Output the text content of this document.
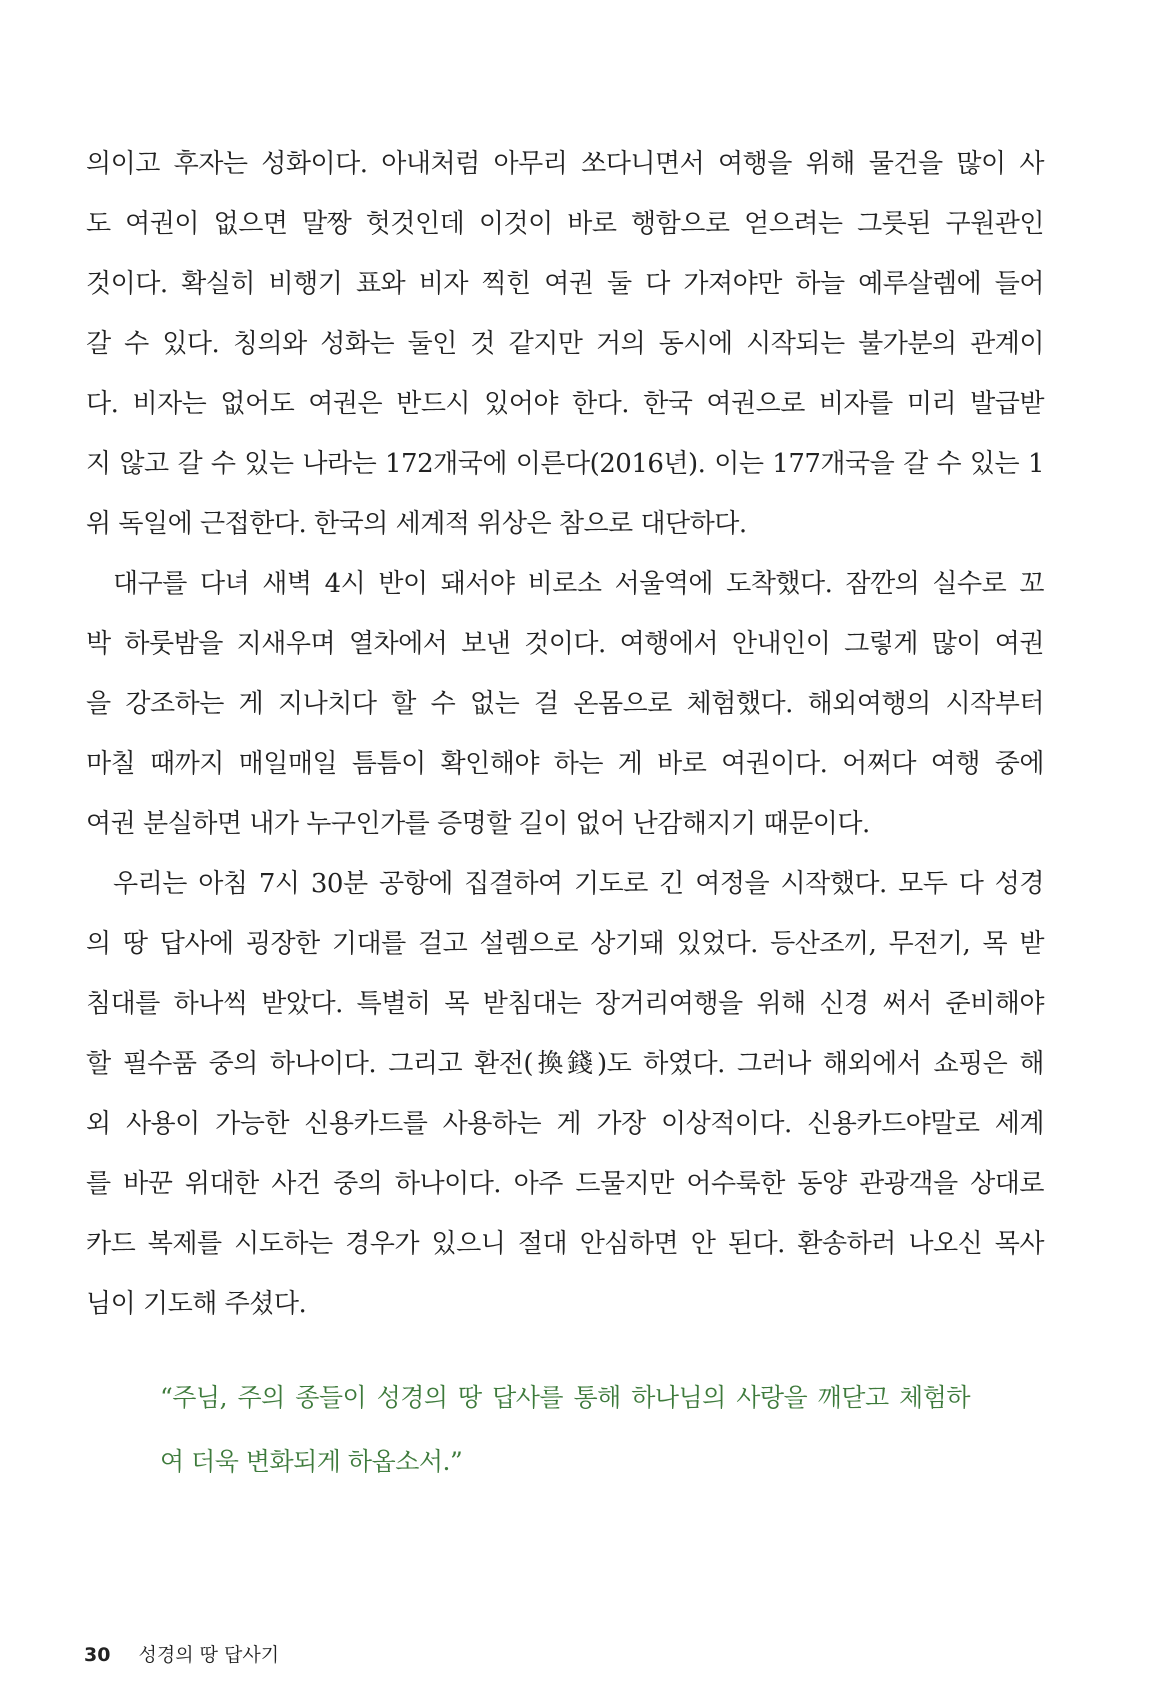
의이고 후자는 성화이다. 아내처럼 아무리 쏘다니면서 여행을 위해 물건을 많이 사
도 여권이 없으면 말짱 헛것인데 이것이 바로 행함으로 얻으려는 그릇된 구원관인
것이다. 확실히 비행기 표와 비자 찍힌 여권 둘 다 가져야만 하늘 예루살렘에 들어
갈 수 있다. 칭의와 성화는 둘인 것 같지만 거의 동시에 시작되는 불가분의 관계이
다. 비자는 없어도 여권은 반드시 있어야 한다. 한국 여권으로 비자를 미리 발급받
지 않고 갈 수 있는 나라는 172개국에 이른다(2016년). 이는 177개국을 갈 수 있는 1
위 독일에 근접한다. 한국의 세계적 위상은 참으로 대단하다.
대구를 다녀 새벽 4시 반이 돼서야 비로소 서울역에 도착했다. 잠깐의 실수로 꼬
박 하룻밤을 지새우며 열차에서 보낸 것이다. 여행에서 안내인이 그렇게 많이 여권
을 강조하는 게 지나치다 할 수 없는 걸 온몸으로 체험했다. 해외여행의 시작부터
마칠 때까지 매일매일 틈틈이 확인해야 하는 게 바로 여권이다. 어쩌다 여행 중에
여권 분실하면 내가 누구인가를 증명할 길이 없어 난감해지기 때문이다.
우리는 아침 7시 30분 공항에 집결하여 기도로 긴 여정을 시작했다. 모두 다 성경
의 땅 답사에 굉장한 기대를 걸고 설렘으로 상기돼 있었다. 등산조끼, 무전기, 목 받
침대를 하나씩 받았다. 특별히 목 받침대는 장거리여행을 위해 신경 써서 준비해야
할 필수품 중의 하나이다. 그리고 환전(換錢)도 하였다. 그러나 해외에서 쇼핑은 해
외 사용이 가능한 신용카드를 사용하는 게 가장 이상적이다. 신용카드야말로 세계
를 바꾼 위대한 사건 중의 하나이다. 아주 드물지만 어수룩한 동양 관광객을 상대로
카드 복제를 시도하는 경우가 있으니 절대 안심하면 안 된다. 환송하러 나오신 목사
님이 기도해 주셨다.
“주님, 주의 종들이 성경의 땅 답사를 통해 하나님의 사랑을 깨닫고 체험하
여 더욱 변화되게 하옵소서.”
30 성경의 땅 답사기
